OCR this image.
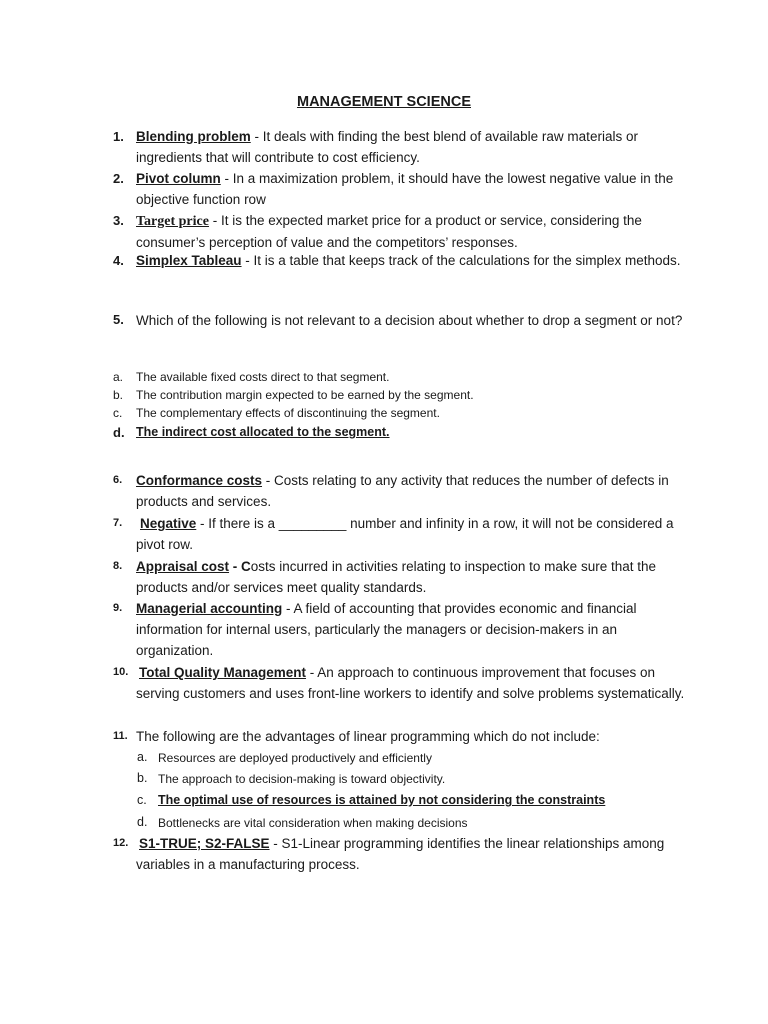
MANAGEMENT SCIENCE
1. Blending problem - It deals with finding the best blend of available raw materials or ingredients that will contribute to cost efficiency.
2. Pivot column - In a maximization problem, it should have the lowest negative value in the objective function row
3. Target price - It is the expected market price for a product or service, considering the consumer’s perception of value and the competitors’ responses.
4. Simplex Tableau - It is a table that keeps track of the calculations for the simplex methods.
5. Which of the following is not relevant to a decision about whether to drop a segment or not?
a. The available fixed costs direct to that segment.
b. The contribution margin expected to be earned by the segment.
c. The complementary effects of discontinuing the segment.
d. The indirect cost allocated to the segment.
6. Conformance costs - Costs relating to any activity that reduces the number of defects in products and services.
7. Negative - If there is a _________ number and infinity in a row, it will not be considered a pivot row.
8. Appraisal cost - Costs incurred in activities relating to inspection to make sure that the products and/or services meet quality standards.
9. Managerial accounting - A field of accounting that provides economic and financial information for internal users, particularly the managers or decision-makers in an organization.
10. Total Quality Management - An approach to continuous improvement that focuses on serving customers and uses front-line workers to identify and solve problems systematically.
11. The following are the advantages of linear programming which do not include:
a. Resources are deployed productively and efficiently
b. The approach to decision-making is toward objectivity.
c. The optimal use of resources is attained by not considering the constraints
d. Bottlenecks are vital consideration when making decisions
12. S1-TRUE; S2-FALSE - S1-Linear programming identifies the linear relationships among variables in a manufacturing process.
